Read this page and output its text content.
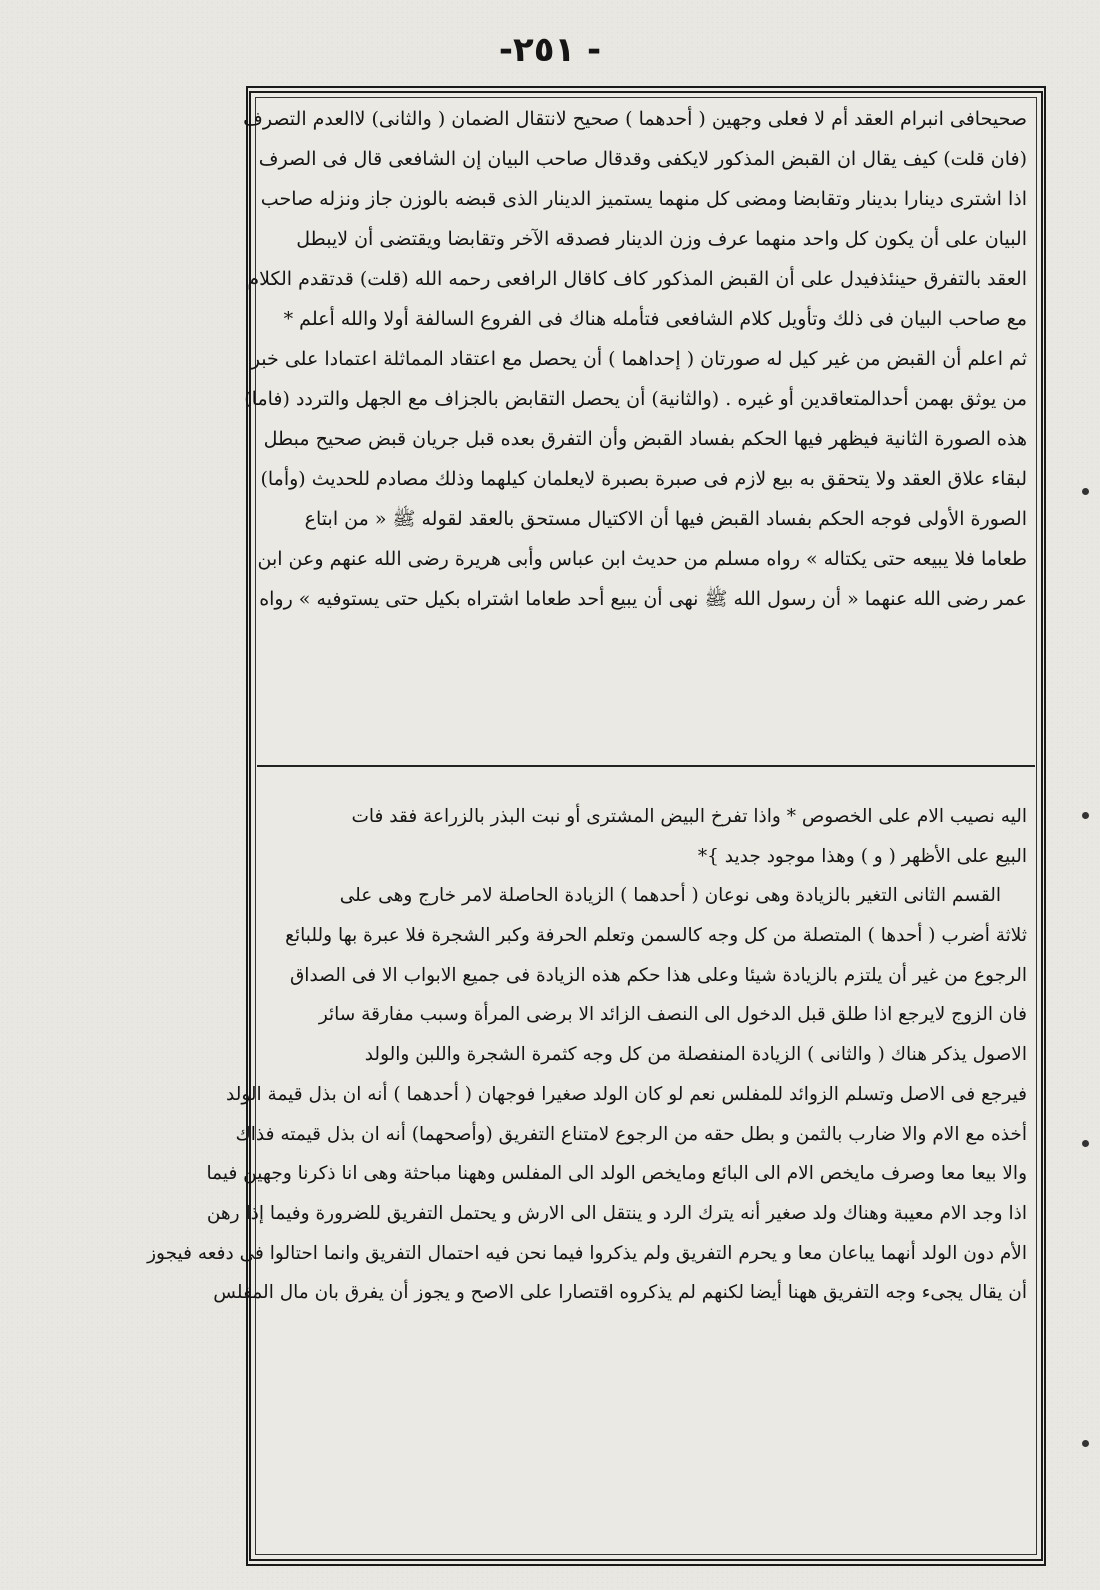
-٢٥١ -
صحيحافى انبرام العقد أم لا فعلى وجهين ( أحدهما ) صحيح لانتقال الضمان ( والثانى) لاالعدم التصرف
(فان قلت) كيف يقال ان القبض المذكور لايكفى وقدقال صاحب البيان إن الشافعى قال فى الصرف
اذا اشترى دينارا بدينار وتقابضا ومضى كل منهما يستميز الدينار الذى قبضه بالوزن جاز ونزله صاحب
البيان على أن يكون كل واحد منهما عرف وزن الدينار فصدقه الآخر وتقابضا ويقتضى أن لايبطل
العقد بالتفرق حينئذفيدل على أن القبض المذكور كاف كاقال الرافعى رحمه الله (قلت) قدتقدم الكلام
مع صاحب البيان فى ذلك وتأويل كلام الشافعى فتأمله هناك فى الفروع السالفة أولا والله أعلم *
ثم اعلم أن القبض من غير كيل له صورتان ( إحداهما ) أن يحصل مع اعتقاد المماثلة اعتمادا على خبر
من يوثق بهمن أحدالمتعاقدين أو غيره . (والثانية) أن يحصل التقابض بالجزاف مع الجهل والتردد (فاما)
هذه الصورة الثانية فيظهر فيها الحكم بفساد القبض وأن التفرق بعده قبل جريان قبض صحيح مبطل
لبقاء علاق العقد ولا يتحقق به بيع لازم فى صبرة بصبرة لايعلمان كيلهما وذلك مصادم للحديث (وأما)
الصورة الأولى فوجه الحكم بفساد القبض فيها أن الاكتيال مستحق بالعقد لقوله ﷺ « من ابتاع
طعاما فلا يبيعه حتى يكتاله » رواه مسلم من حديث ابن عباس وأبى هريرة رضى الله عنهم وعن ابن
عمر رضى الله عنهما « أن رسول الله ﷺ نهى أن يبيع أحد طعاما اشتراه بكيل حتى يستوفيه » رواه
اليه نصيب الام على الخصوص * واذا تفرخ البيض المشترى أو نبت البذر بالزراعة فقد فات
البيع على الأظهر ( و ) وهذا موجود جديد }*
القسم الثانى التغير بالزيادة وهى نوعان ( أحدهما ) الزيادة الحاصلة لامر خارج وهى على
ثلاثة أضرب ( أحدها ) المتصلة من كل وجه كالسمن وتعلم الحرفة وكبر الشجرة فلا عبرة بها وللبائع
الرجوع من غير أن يلتزم بالزيادة شيئا وعلى هذا حكم هذه الزيادة فى جميع الابواب الا فى الصداق
فان الزوج لايرجع اذا طلق قبل الدخول الى النصف الزائد الا برضى المرأة وسبب مفارقة سائر
الاصول يذكر هناك ( والثانى ) الزيادة المنفصلة من كل وجه كثمرة الشجرة واللبن والولد
فيرجع فى الاصل وتسلم الزوائد للمفلس نعم لو كان الولد صغيرا فوجهان ( أحدهما ) أنه ان بذل قيمة الولد
أخذه مع الام والا ضارب بالثمن و بطل حقه من الرجوع لامتناع التفريق (وأصحهما) أنه ان بذل قيمته فذاك
والا بيعا معا وصرف مايخص الام الى البائع ومايخص الولد الى المفلس وههنا مباحثة وهى انا ذكرنا وجهين فيما
اذا وجد الام معيبة وهناك ولد صغير أنه يترك الرد و ينتقل الى الارش و يحتمل التفريق للضرورة وفيما إذا رهن
الأم دون الولد أنهما يباعان معا و يحرم التفريق ولم يذكروا فيما نحن فيه احتمال التفريق وانما احتالوا فى دفعه فيجوز
أن يقال يجىء وجه التفريق ههنا أيضا لكنهم لم يذكروه اقتصارا على الاصح و يجوز أن يفرق بان مال المفلس
